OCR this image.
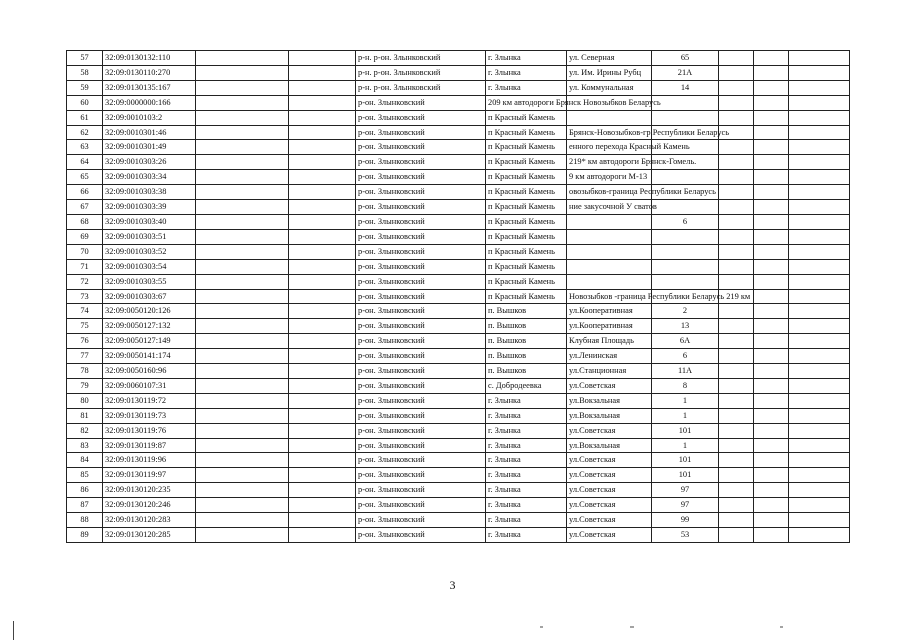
57	32:09:0130132:110			р-н. р-он. Злынковский	г. Злынка	ул. Северная	65			
58	32:09:0130110:270			р-н. р-он. Злынковский	г. Злынка	ул. Им. Ирины Рубц	21А			
59	32:09:0130135:167			р-н. р-он. Злынковский	г. Злынка	ул. Коммунальная	14			
60	32:09:0000000:166			р-он. Злынковский	209 км автодороги Брянск Новозыбков Беларусь					
61	32:09:0010103:2			р-он. Злынковский	п Красный Камень					
62	32:09:0010301:46			р-он. Злынковский	п Красный Камень	Брянск-Новозыбков-гр.Республики Беларусь				
63	32:09:0010301:49			р-он. Злынковский	п Красный Камень	енного перехода Красный Камень				
64	32:09:0010303:26			р-он. Злынковский	п Красный Камень	219* км автодороги Брянск-Гомель.				
65	32:09:0010303:34			р-он. Злынковский	п Красный Камень	9 км автодороги М-13				
66	32:09:0010303:38			р-он. Злынковский	п Красный Камень	овозыбков-граница Республики Беларусь				
67	32:09:0010303:39			р-он. Злынковский	п Красный Камень	ние закусочной У сватов				
68	32:09:0010303:40			р-он. Злынковский	п Красный Камень		6			
69	32:09:0010303:51			р-он. Злынковский	п Красный Камень					
70	32:09:0010303:52			р-он. Злынковский	п Красный Камень					
71	32:09:0010303:54			р-он. Злынковский	п Красный Камень					
72	32:09:0010303:55			р-он. Злынковский	п Красный Камень					
73	32:09:0010303:67			р-он. Злынковский	п Красный Камень	Новозыбков -граница Республики Беларусь 219 км				
74	32:09:0050120:126			р-он. Злынковский	п. Вышков	ул.Кооперативная	2			
75	32:09:0050127:132			р-он. Злынковский	п. Вышков	ул.Кооперативная	13			
76	32:09:0050127:149			р-он. Злынковский	п. Вышков	Клубная Площадь	6А			
77	32:09:0050141:174			р-он. Злынковский	п. Вышков	ул.Ленинская	6			
78	32:09:0050160:96			р-он. Злынковский	п. Вышков	ул.Станционная	11А			
79	32:09:0060107:31			р-он. Злынковский	с. Добродеевка	ул.Советская	8			
80	32:09:0130119:72			р-он. Злынковский	г. Злынка	ул.Вокзальная	1			
81	32:09:0130119:73			р-он. Злынковский	г. Злынка	ул.Вокзальная	1			
82	32:09:0130119:76			р-он. Злынковский	г. Злынка	ул.Советская	101			
83	32:09:0130119:87			р-он. Злынковский	г. Злынка	ул.Вокзальная	1			
84	32:09:0130119:96			р-он. Злынковский	г. Злынка	ул.Советская	101			
85	32:09:0130119:97			р-он. Злынковский	г. Злынка	ул.Советская	101			
86	32:09:0130120:235			р-он. Злынковский	г. Злынка	ул.Советская	97			
87	32:09:0130120:246			р-он. Злынковский	г. Злынка	ул.Советская	97			
88	32:09:0130120:283			р-он. Злынковский	г. Злынка	ул.Советская	99			
89	32:09:0130120:285			р-он. Злынковский	г. Злынка	ул.Советская	53			
3
